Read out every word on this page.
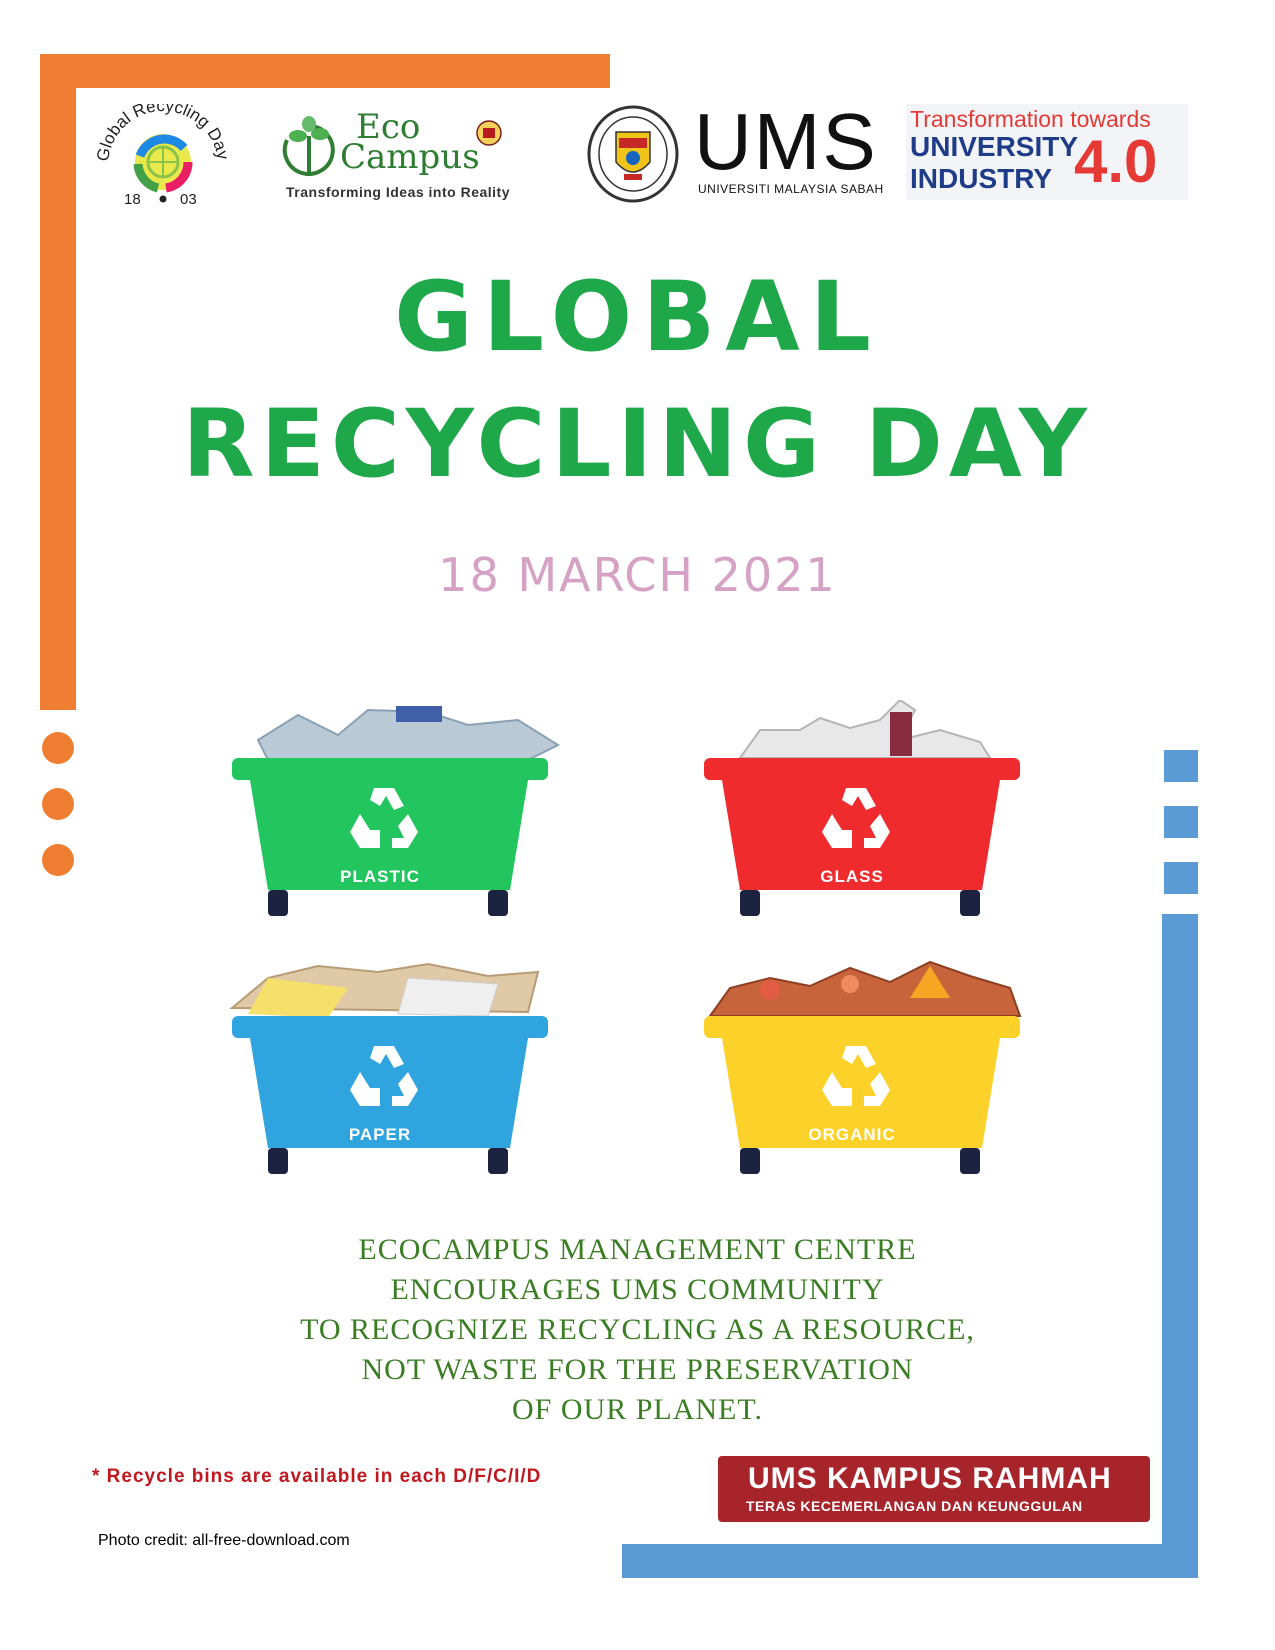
Global Recycling Day
18	03
Eco
Campus
Transforming Ideas into Reality
UMS
UNIVERSITI MALAYSIA SABAH
Transformation towards
UNIVERSITY
INDUSTRY 4.0
GLOBAL
RECYCLING DAY
18 MARCH 2021
PLASTIC	GLASS
PAPER	ORGANIC
ECOCAMPUS MANAGEMENT CENTRE
ENCOURAGES UMS COMMUNITY
TO RECOGNIZE RECYCLING AS A RESOURCE,
NOT WASTE FOR THE PRESERVATION
OF OUR PLANET.
* Recycle bins are available in each D/F/C/I/D
Photo credit: all-free-download.com
UMS KAMPUS RAHMAH
TERAS KECEMERLANGAN DAN KEUNGGULAN
